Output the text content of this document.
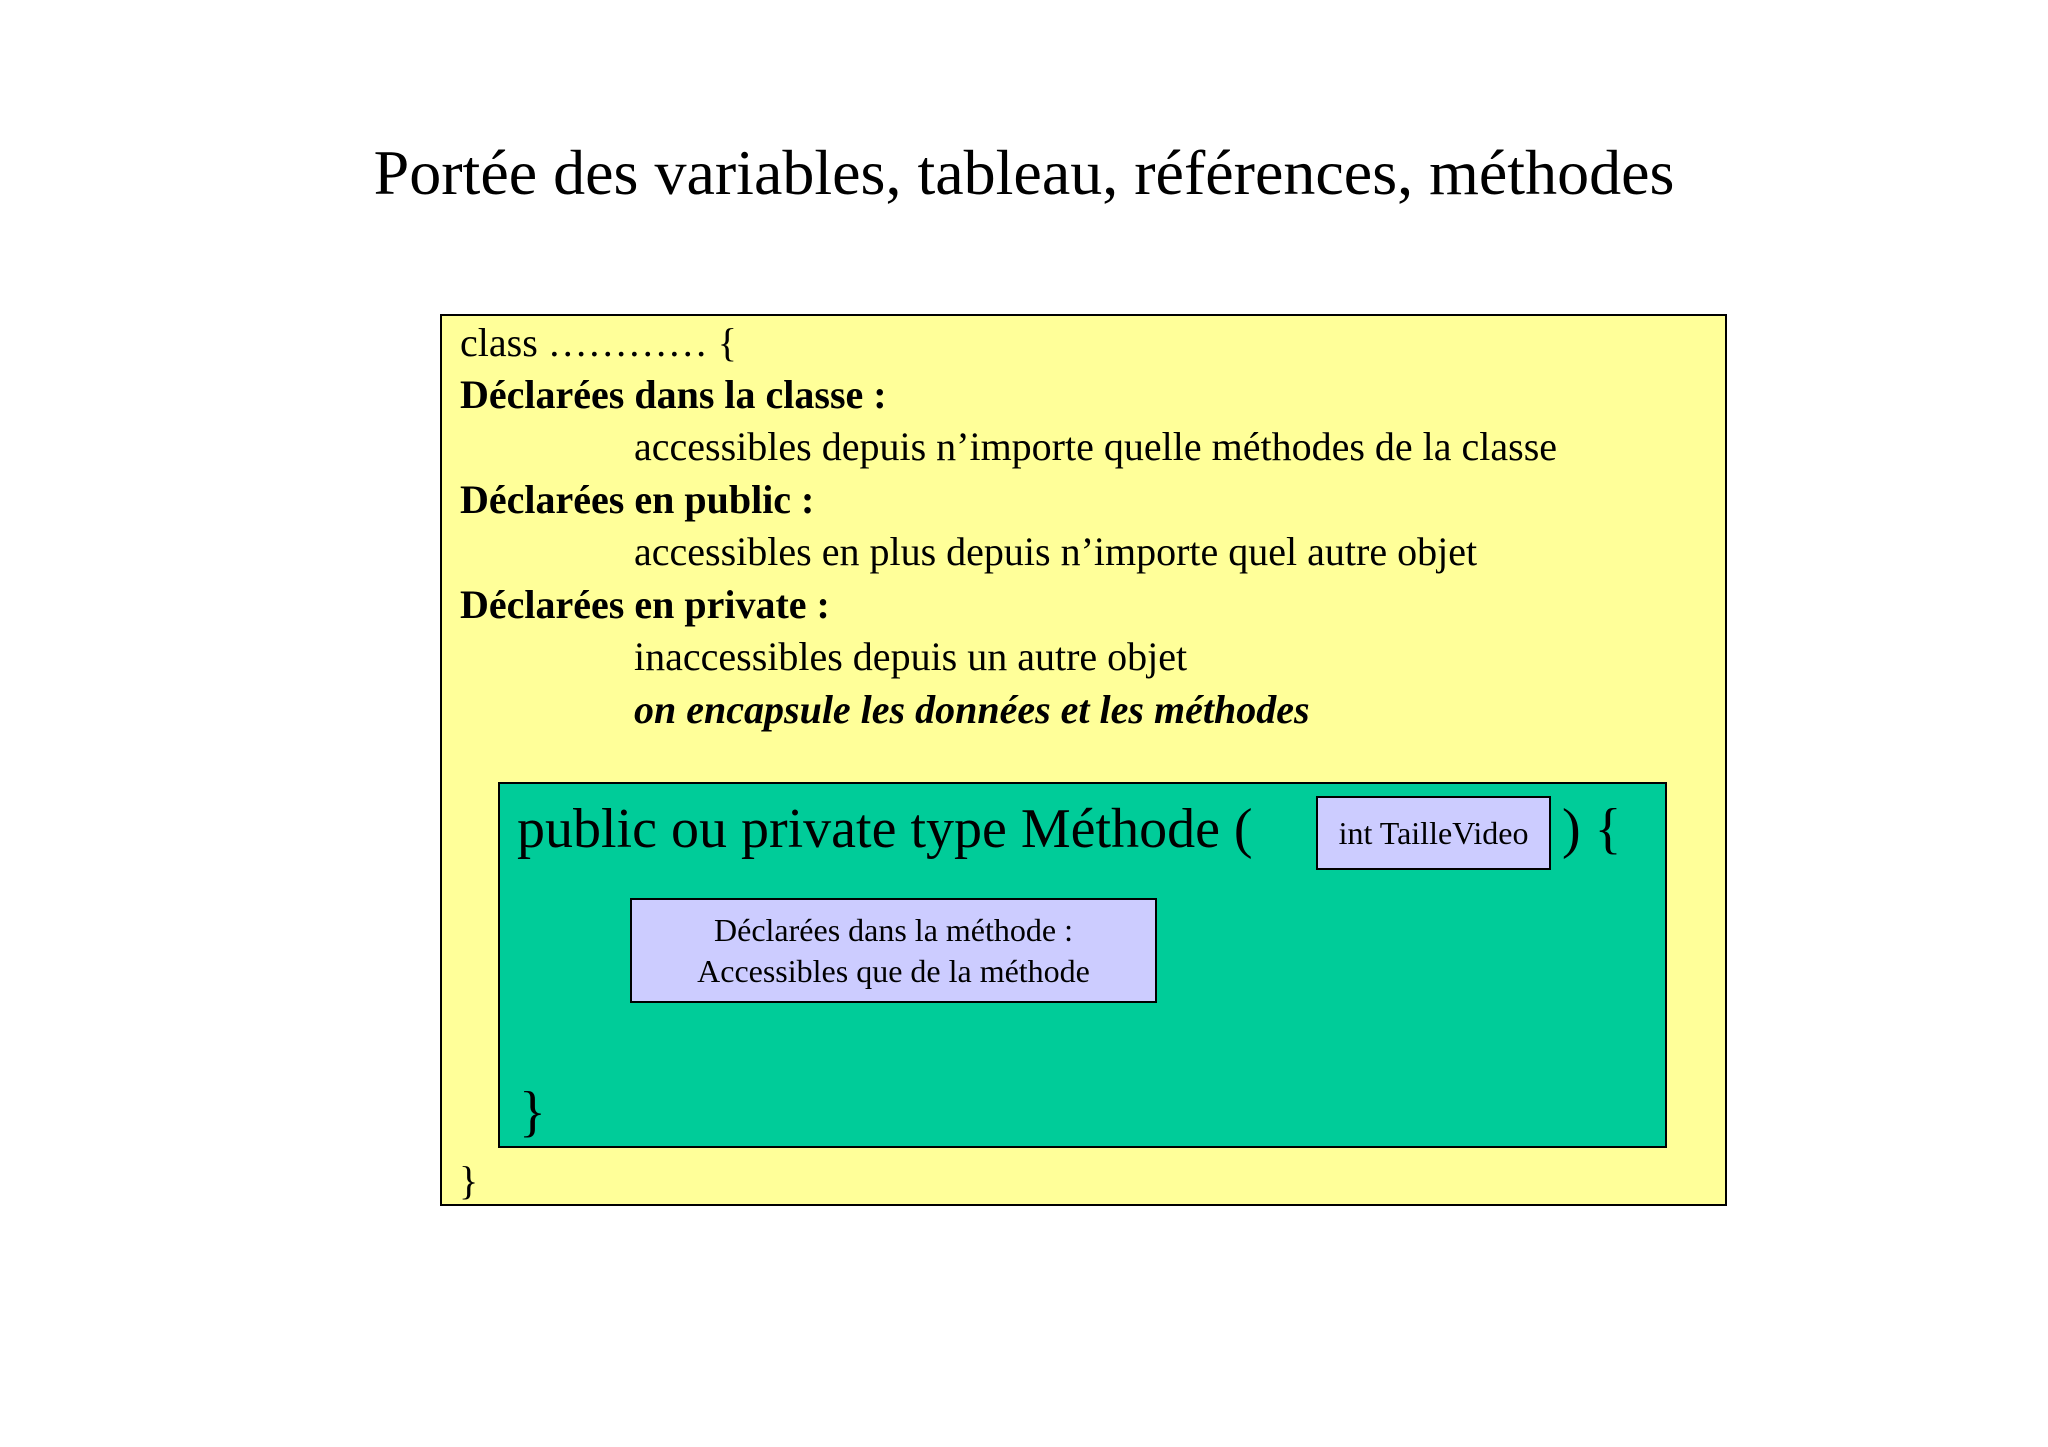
Portée des variables, tableau, références, méthodes
class ………… {
Déclarées dans la classe :
accessibles depuis n’importe quelle méthodes de la classe
Déclarées en public :
accessibles en plus depuis n’importe quel autre objet
Déclarées en private :
inaccessibles depuis un autre objet
on encapsule les données et les méthodes
public ou private type Méthode (	int TailleVideo ) {
Déclarées dans la méthode :
Accessibles que de la méthode
}
}
